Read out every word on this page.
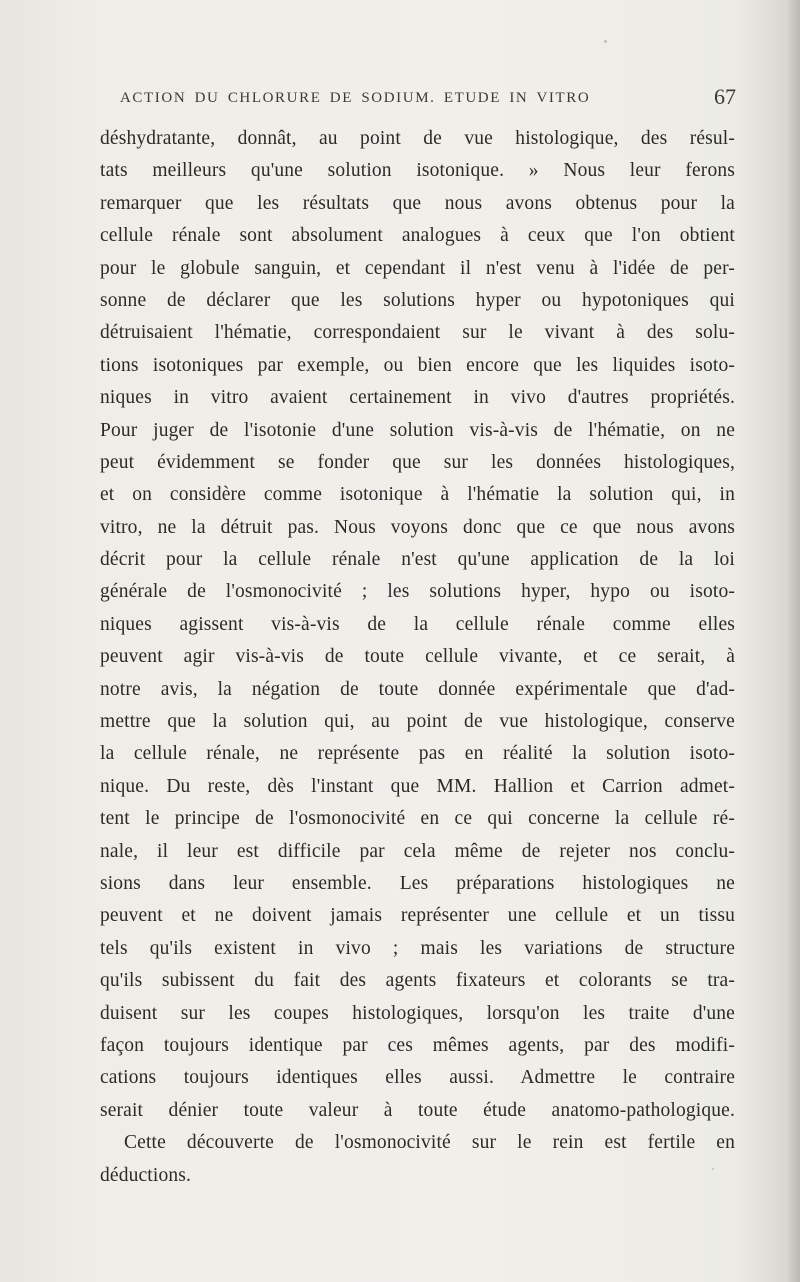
ACTION DU CHLORURE DE SODIUM. ETUDE IN VITRO	67
déshydratante, donnât, au point de vue histologique, des résul-
tats meilleurs qu'une solution isotonique. » Nous leur ferons
remarquer que les résultats que nous avons obtenus pour la
cellule rénale sont absolument analogues à ceux que l'on obtient
pour le globule sanguin, et cependant il n'est venu à l'idée de per-
sonne de déclarer que les solutions hyper ou hypotoniques qui
détruisaient l'hématie, correspondaient sur le vivant à des solu-
tions isotoniques par exemple, ou bien encore que les liquides isoto-
niques in vitro avaient certainement in vivo d'autres propriétés.
Pour juger de l'isotonie d'une solution vis-à-vis de l'hématie, on ne
peut évidemment se fonder que sur les données histologiques,
et on considère comme isotonique à l'hématie la solution qui, in
vitro, ne la détruit pas. Nous voyons donc que ce que nous avons
décrit pour la cellule rénale n'est qu'une application de la loi
générale de l'osmonocivité ; les solutions hyper, hypo ou isoto-
niques agissent vis-à-vis de la cellule rénale comme elles
peuvent agir vis-à-vis de toute cellule vivante, et ce serait, à
notre avis, la négation de toute donnée expérimentale que d'ad-
mettre que la solution qui, au point de vue histologique, conserve
la cellule rénale, ne représente pas en réalité la solution isoto-
nique. Du reste, dès l'instant que MM. Hallion et Carrion admet-
tent le principe de l'osmonocivité en ce qui concerne la cellule ré-
nale, il leur est difficile par cela même de rejeter nos conclu-
sions dans leur ensemble. Les préparations histologiques ne
peuvent et ne doivent jamais représenter une cellule et un tissu
tels qu'ils existent in vivo ; mais les variations de structure
qu'ils subissent du fait des agents fixateurs et colorants se tra-
duisent sur les coupes histologiques, lorsqu'on les traite d'une
façon toujours identique par ces mêmes agents, par des modifi-
cations toujours identiques elles aussi. Admettre le contraire
serait dénier toute valeur à toute étude anatomo-pathologique.
Cette découverte de l'osmonocivité sur le rein est fertile en
déductions.
